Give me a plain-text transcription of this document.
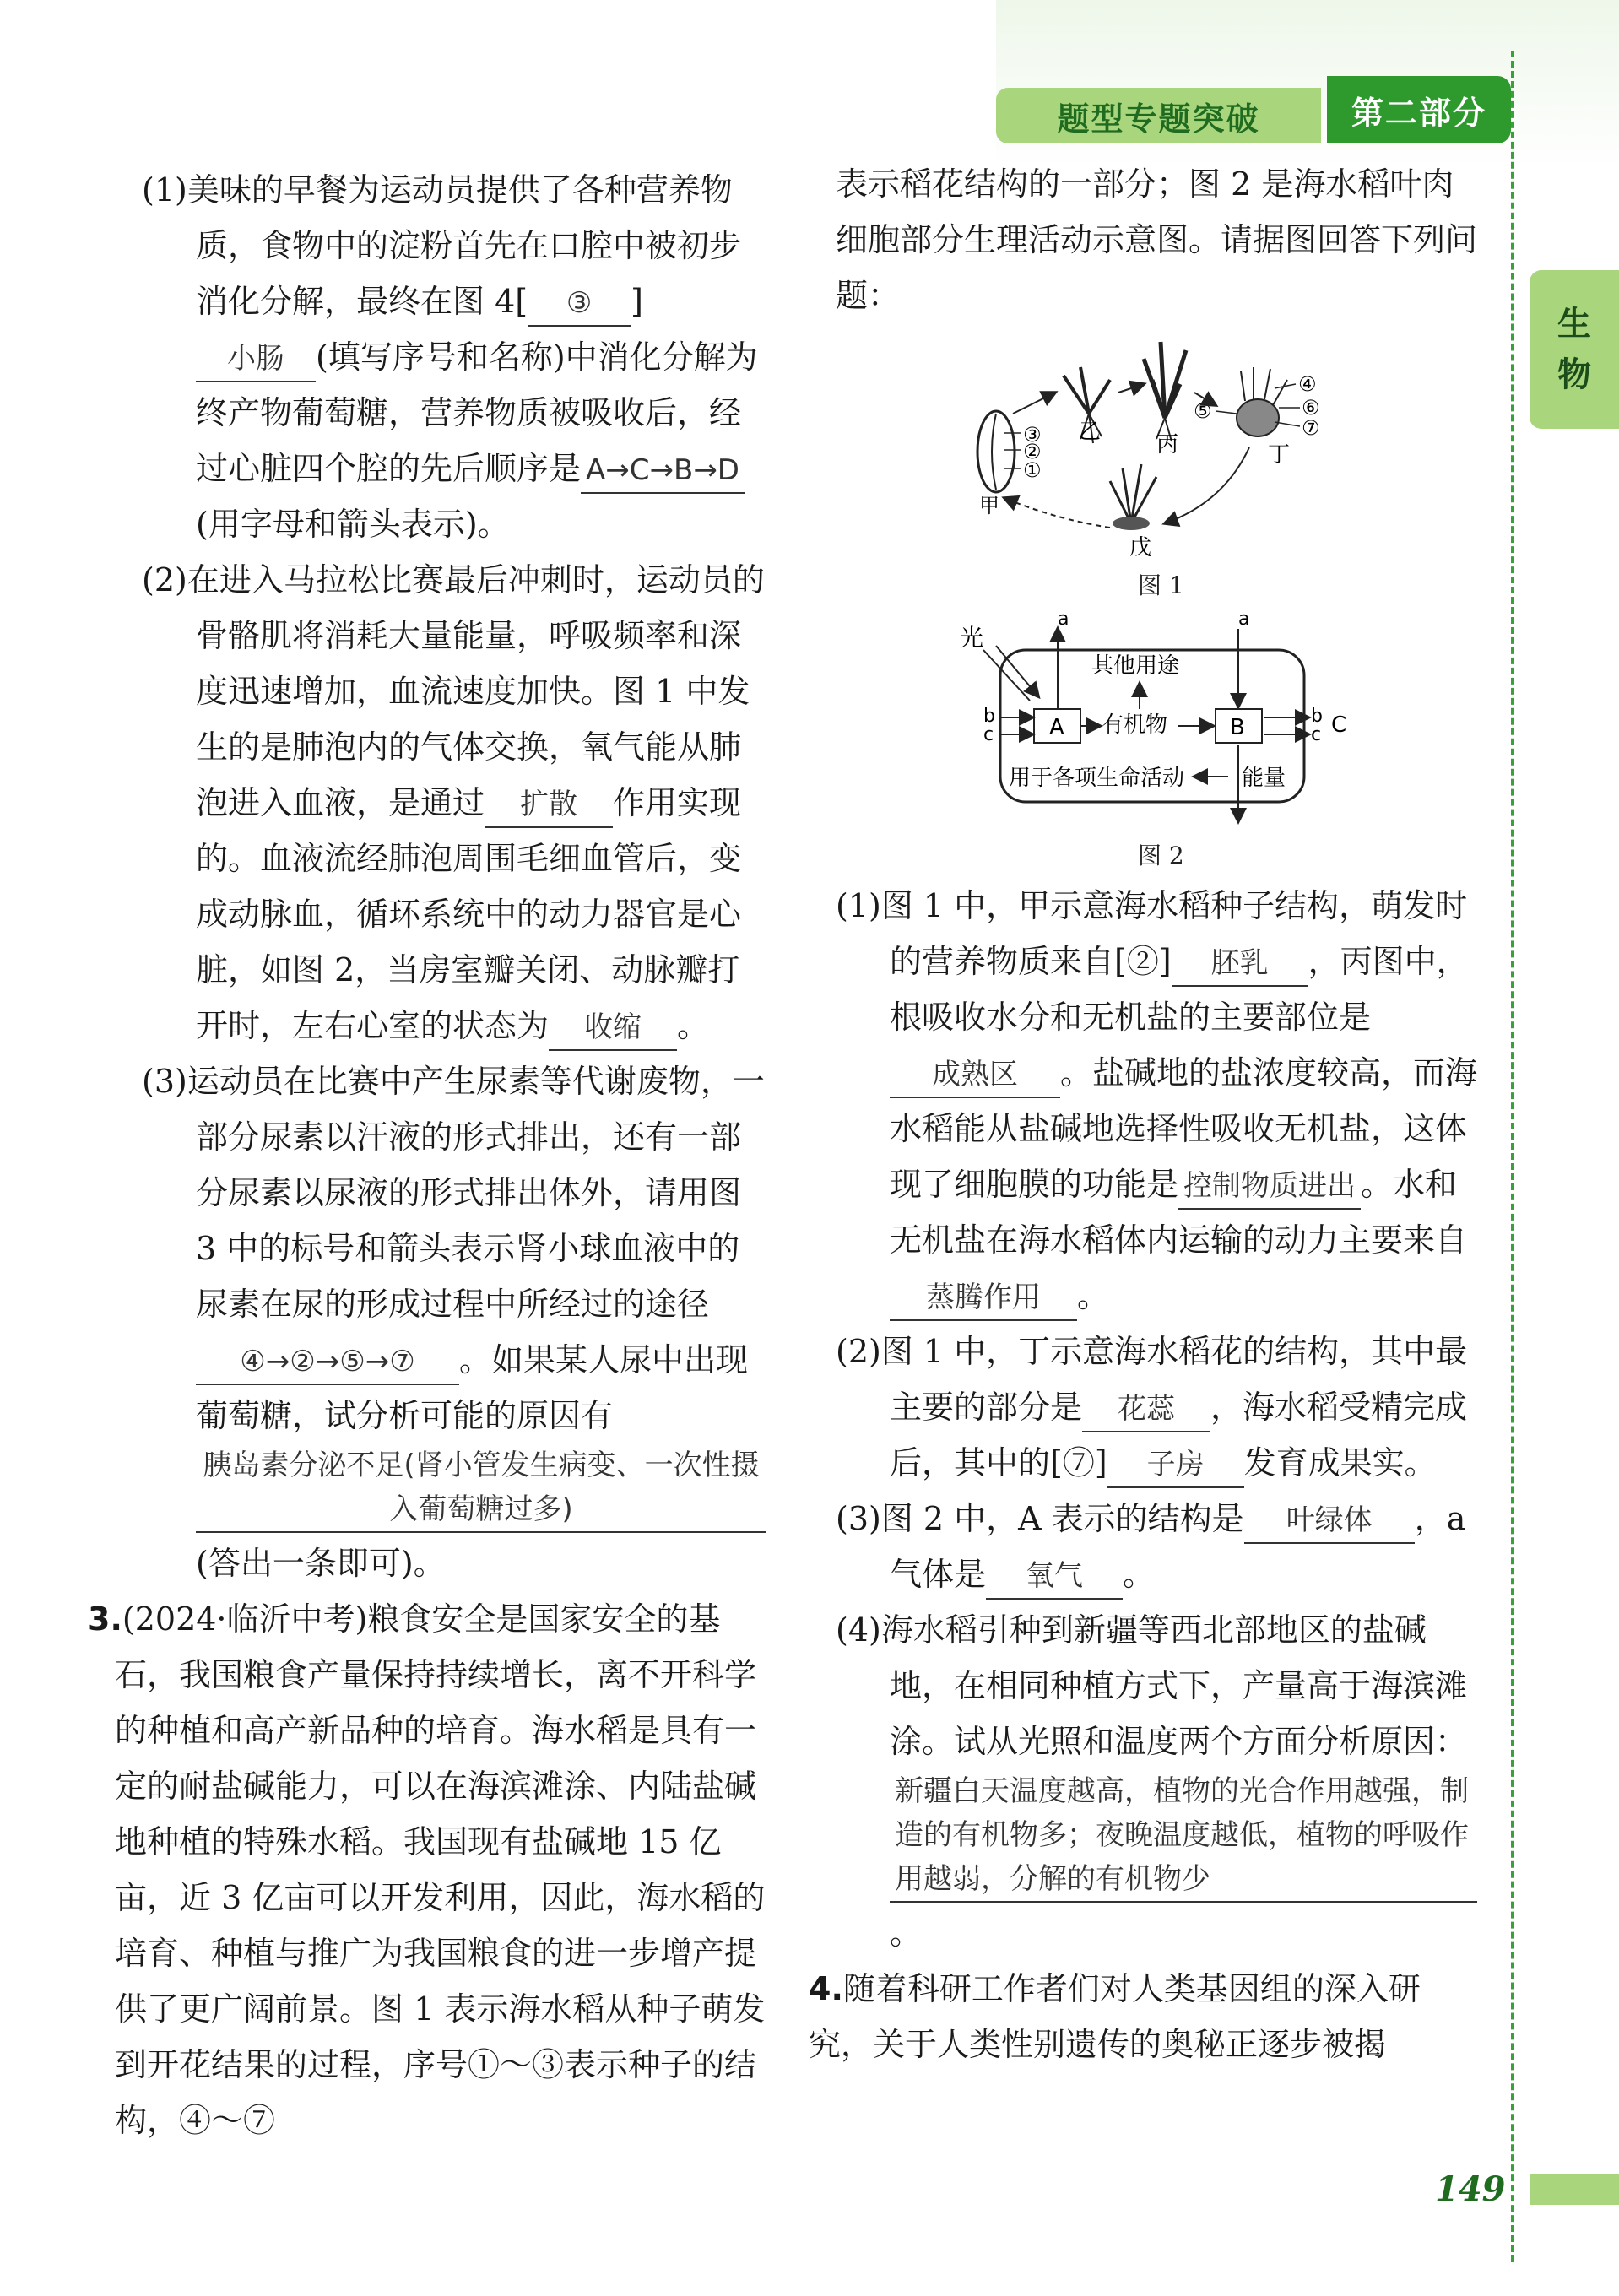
题型专题突破	第二部分
生
物

(1)美味的早餐为运动员提供了各种营养物质，食物中的淀粉首先在口腔中被初步消化分解，最终在图 4[ ③ ] 小肠 (填写序号和名称)中消化分解为终产物葡萄糖，营养物质被吸收后，经过心脏四个腔的先后顺序是 A→C→B→D(用字母和箭头表示)。

(2)在进入马拉松比赛最后冲刺时，运动员的骨骼肌将消耗大量能量，呼吸频率和深度迅速增加，血流速度加快。图 1 中发生的是肺泡内的气体交换，氧气能从肺泡进入血液，是通过 扩散 作用实现的。血液流经肺泡周围毛细血管后，变成动脉血，循环系统中的动力器官是心脏，如图 2，当房室瓣关闭、动脉瓣打开时，左右心室的状态为 收缩 。

(3)运动员在比赛中产生尿素等代谢废物，一部分尿素以汗液的形式排出，还有一部分尿素以尿液的形式排出体外，请用图 3 中的标号和箭头表示肾小球血液中的尿素在尿的形成过程中所经过的途径④→②→⑤→⑦ 。如果某人尿中出现葡萄糖，试分析可能的原因有胰岛素分泌不足(肾小管发生病变、一次性摄入葡萄糖过多)(答出一条即可)。

3.(2024·临沂中考)粮食安全是国家安全的基石，我国粮食产量保持持续增长，离不开科学的种植和高产新品种的培育。海水稻是具有一定的耐盐碱能力，可以在海滨滩涂、内陆盐碱地种植的特殊水稻。我国现有盐碱地 15 亿亩，近 3 亿亩可以开发利用，因此，海水稻的培育、种植与推广为我国粮食的进一步增产提供了更广阔前景。图 1 表示海水稻从种子萌发到开花结果的过程，序号①～③表示种子的结构，④～⑦

表示稻花结构的一部分；图 2 是海水稻叶肉细胞部分生理活动示意图。请据图回答下列问题：

③
②
①
甲
乙	丙
④
⑥
⑦
⑤
丁
戊
图 1
A	B
光
a	a
其他用途
有机物
b
c
b
c C
用于各项生命活动	能量
图 2

(1)图 1 中，甲示意海水稻种子结构，萌发时的营养物质来自[②] 胚乳 ，丙图中，根吸收水分和无机盐的主要部位是 成熟区 。盐碱地的盐浓度较高，而海水稻能从盐碱地选择性吸收无机盐，这体现了细胞膜的功能是 控制物质进出 。水和无机盐在海水稻体内运输的动力主要来自蒸腾作用 。

(2)图 1 中，丁示意海水稻花的结构，其中最主要的部分是 花蕊 ，海水稻受精完成后，其中的[⑦] 子房 发育成果实。

(3)图 2 中，A 表示的结构是 叶绿体 ，a 气体是 氧气 。

(4)海水稻引种到新疆等西北部地区的盐碱地，在相同种植方式下，产量高于海滨滩涂。试从光照和温度两个方面分析原因：新疆白天温度越高，植物的光合作用越强，制造的有机物多；夜晚温度越低，植物的呼吸作用越弱，分解的有机物少。

4.随着科研工作者们对人类基因组的深入研究，关于人类性别遗传的奥秘正逐步被揭

149
